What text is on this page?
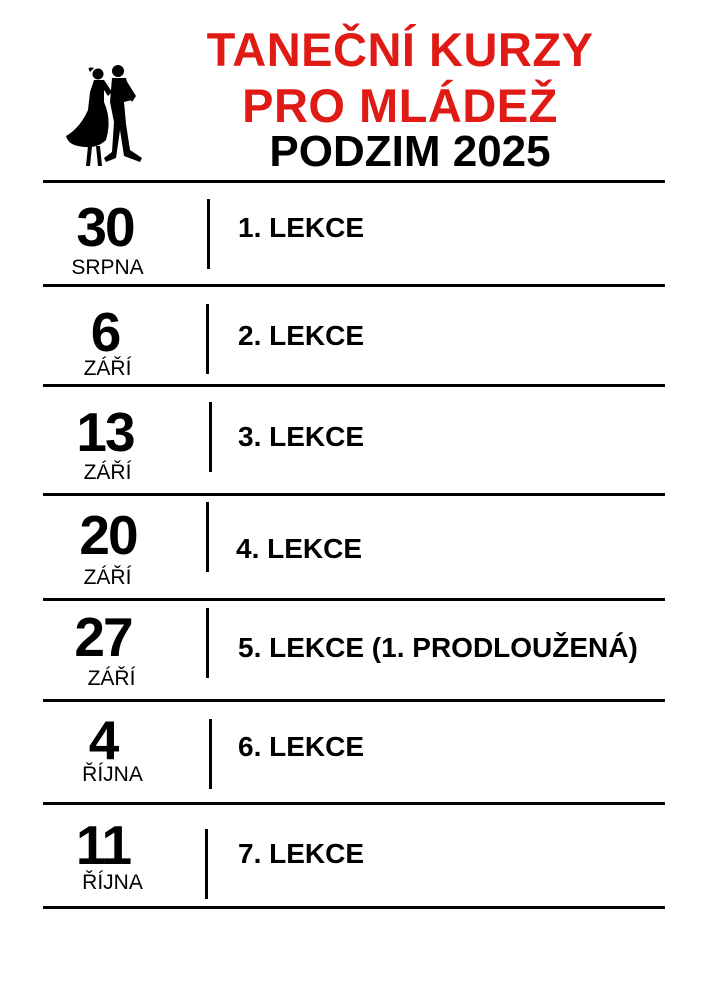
TANEČNÍ KURZY
PRO MLÁDEŽ
PODZIM 2025
30
SRPNA
1. LEKCE
6
ZÁŘÍ
2. LEKCE
13
ZÁŘÍ
3. LEKCE
20
ZÁŘÍ
4. LEKCE
27
ZÁŘÍ
5. LEKCE (1. PRODLOUŽENÁ)
4
ŘÍJNA
6. LEKCE
11
ŘÍJNA
7. LEKCE
